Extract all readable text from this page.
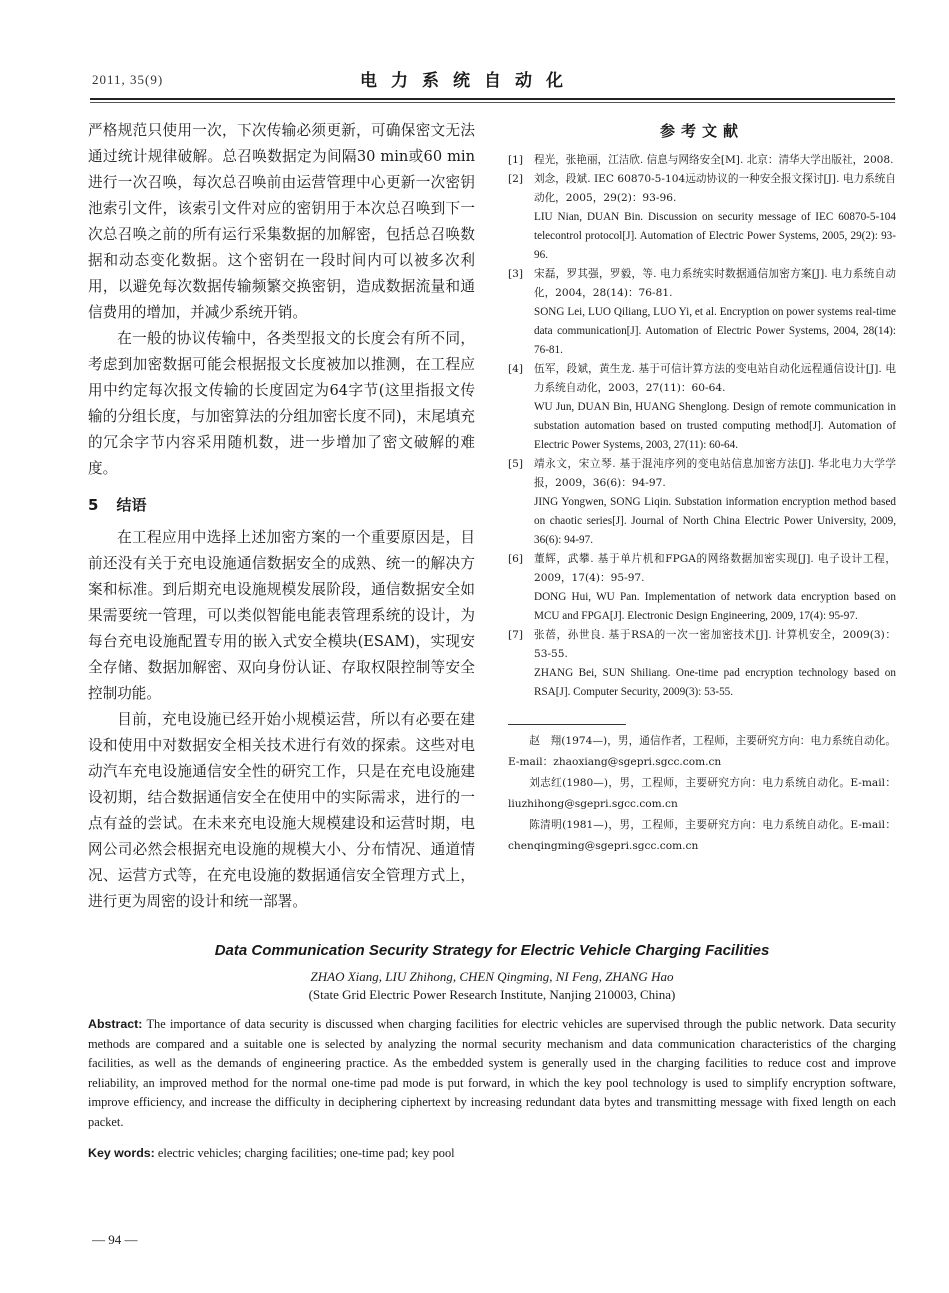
2011, 35(9)	电力系统自动化

严格规范只使用一次，下次传输必须更新，可确保密文无法通过统计规律破解。总召唤数据定为间隔30 min或60 min进行一次召唤，每次总召唤前由运营管理中心更新一次密钥池索引文件，该索引文件对应的密钥用于本次总召唤到下一次总召唤之前的所有运行采集数据的加解密，包括总召唤数据和动态变化数据。这个密钥在一段时间内可以被多次利用，以避免每次数据传输频繁交换密钥，造成数据流量和通信费用的增加，并减少系统开销。

在一般的协议传输中，各类型报文的长度会有所不同，考虑到加密数据可能会根据报文长度被加以推测，在工程应用中约定每次报文传输的长度固定为64字节(这里指报文传输的分组长度，与加密算法的分组加密长度不同)，末尾填充的冗余字节内容采用随机数，进一步增加了密文破解的难度。

5 结语

在工程应用中选择上述加密方案的一个重要原因是，目前还没有关于充电设施通信数据安全的成熟、统一的解决方案和标准。到后期充电设施规模发展阶段，通信数据安全如果需要统一管理，可以类似智能电能表管理系统的设计，为每台充电设施配置专用的嵌入式安全模块(ESAM)，实现安全存储、数据加解密、双向身份认证、存取权限控制等安全控制功能。

目前，充电设施已经开始小规模运营，所以有必要在建设和使用中对数据安全相关技术进行有效的探索。这些对电动汽车充电设施通信安全性的研究工作，只是在充电设施建设初期，结合数据通信安全在使用中的实际需求，进行的一点有益的尝试。在未来充电设施大规模建设和运营时期，电网公司必然会根据充电设施的规模大小、分布情况、通道情况、运营方式等，在充电设施的数据通信安全管理方式上，进行更为周密的设计和统一部署。

参考文献
[1] 程光，张艳丽，江洁欣. 信息与网络安全[M]. 北京：清华大学出版社，2008.
[2] 刘念，段斌. IEC 60870-5-104远动协议的一种安全报文探讨[J]. 电力系统自动化，2005，29(2)：93-96.
LIU Nian, DUAN Bin. Discussion on security message of IEC 60870-5-104 telecontrol protocol[J]. Automation of Electric Power Systems, 2005, 29(2): 93-96.
[3] 宋磊，罗其强，罗毅，等. 电力系统实时数据通信加密方案[J]. 电力系统自动化，2004，28(14)：76-81.
SONG Lei, LUO Qiliang, LUO Yi, et al. Encryption on power systems real-time data communication[J]. Automation of Electric Power Systems, 2004, 28(14): 76-81.
[4] 伍军，段斌，黄生龙. 基于可信计算方法的变电站自动化远程通信设计[J]. 电力系统自动化，2003，27(11)：60-64.
WU Jun, DUAN Bin, HUANG Shenglong. Design of remote communication in substation automation based on trusted computing method[J]. Automation of Electric Power Systems, 2003, 27(11): 60-64.
[5] 靖永文，宋立琴. 基于混沌序列的变电站信息加密方法[J]. 华北电力大学学报，2009，36(6)：94-97.
JING Yongwen, SONG Liqin. Substation information encryption method based on chaotic series[J]. Journal of North China Electric Power University, 2009, 36(6): 94-97.
[6] 董辉，武攀. 基于单片机和FPGA的网络数据加密实现[J]. 电子设计工程，2009，17(4)：95-97.
DONG Hui, WU Pan. Implementation of network data encryption based on MCU and FPGA[J]. Electronic Design Engineering, 2009, 17(4): 95-97.
[7] 张蓓，孙世良. 基于RSA的一次一密加密技术[J]. 计算机安全，2009(3)：53-55.
ZHANG Bei, SUN Shiliang. One-time pad encryption technology based on RSA[J]. Computer Security, 2009(3): 53-55.
赵　翔(1974—)，男，通信作者，工程师，主要研究方向：电力系统自动化。E-mail：zhaoxiang@sgepri.sgcc.com.cn
刘志红(1980—)，男，工程师，主要研究方向：电力系统自动化。E-mail：liuzhihong@sgepri.sgcc.com.cn
陈清明(1981—)，男，工程师，主要研究方向：电力系统自动化。E-mail：chenqingming@sgepri.sgcc.com.cn
Data Communication Security Strategy for Electric Vehicle Charging Facilities
ZHAO Xiang, LIU Zhihong, CHEN Qingming, NI Feng, ZHANG Hao
(State Grid Electric Power Research Institute, Nanjing 210003, China)
Abstract: The importance of data security is discussed when charging facilities for electric vehicles are supervised through the public network. Data security methods are compared and a suitable one is selected by analyzing the normal security mechanism and data communication characteristics of the charging facilities, as well as the demands of engineering practice. As the embedded system is generally used in the charging facilities to reduce cost and improve reliability, an improved method for the normal one-time pad mode is put forward, in which the key pool technology is used to simplify encryption software, improve efficiency, and increase the difficulty in deciphering ciphertext by increasing redundant data bytes and transmitting message with fixed length on each packet.
Key words: electric vehicles; charging facilities; one-time pad; key pool
— 94 —
